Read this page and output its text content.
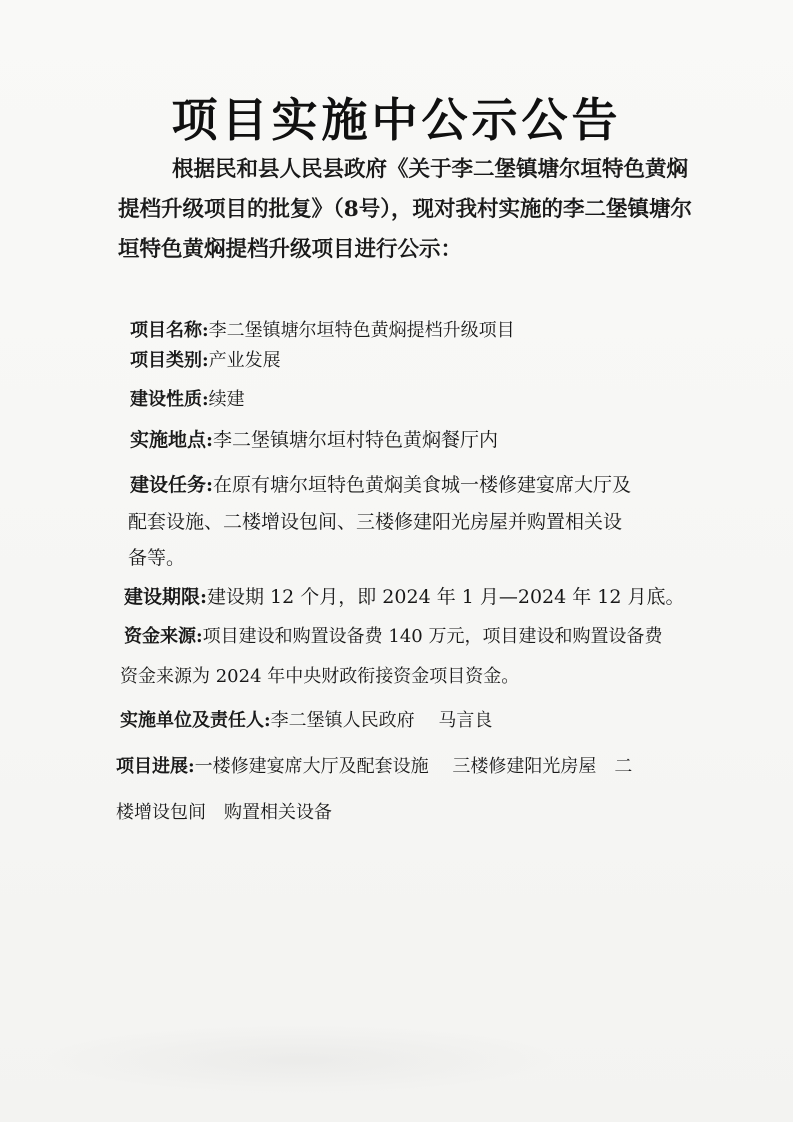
项目实施中公示公告
根据民和县人民县政府《关于李二堡镇塘尔垣特色黄焖提档升级项目的批复》（8号），现对我村实施的李二堡镇塘尔垣特色黄焖提档升级项目进行公示：
项目名称:李二堡镇塘尔垣特色黄焖提档升级项目
项目类别:产业发展
建设性质:续建
实施地点:李二堡镇塘尔垣村特色黄焖餐厅内
建设任务:在原有塘尔垣特色黄焖美食城一楼修建宴席大厅及
配套设施、二楼增设包间、三楼修建阳光房屋并购置相关设
备等。
建设期限:建设期 12 个月，即 2024 年 1 月—2024 年 12 月底。
资金来源:项目建设和购置设备费 140 万元，项目建设和购置设备费
资金来源为 2024 年中央财政衔接资金项目资金。
实施单位及责任人:李二堡镇人民政府　 马言良
项目进展:一楼修建宴席大厅及配套设施　 三楼修建阳光房屋　二
楼增设包间　购置相关设备
